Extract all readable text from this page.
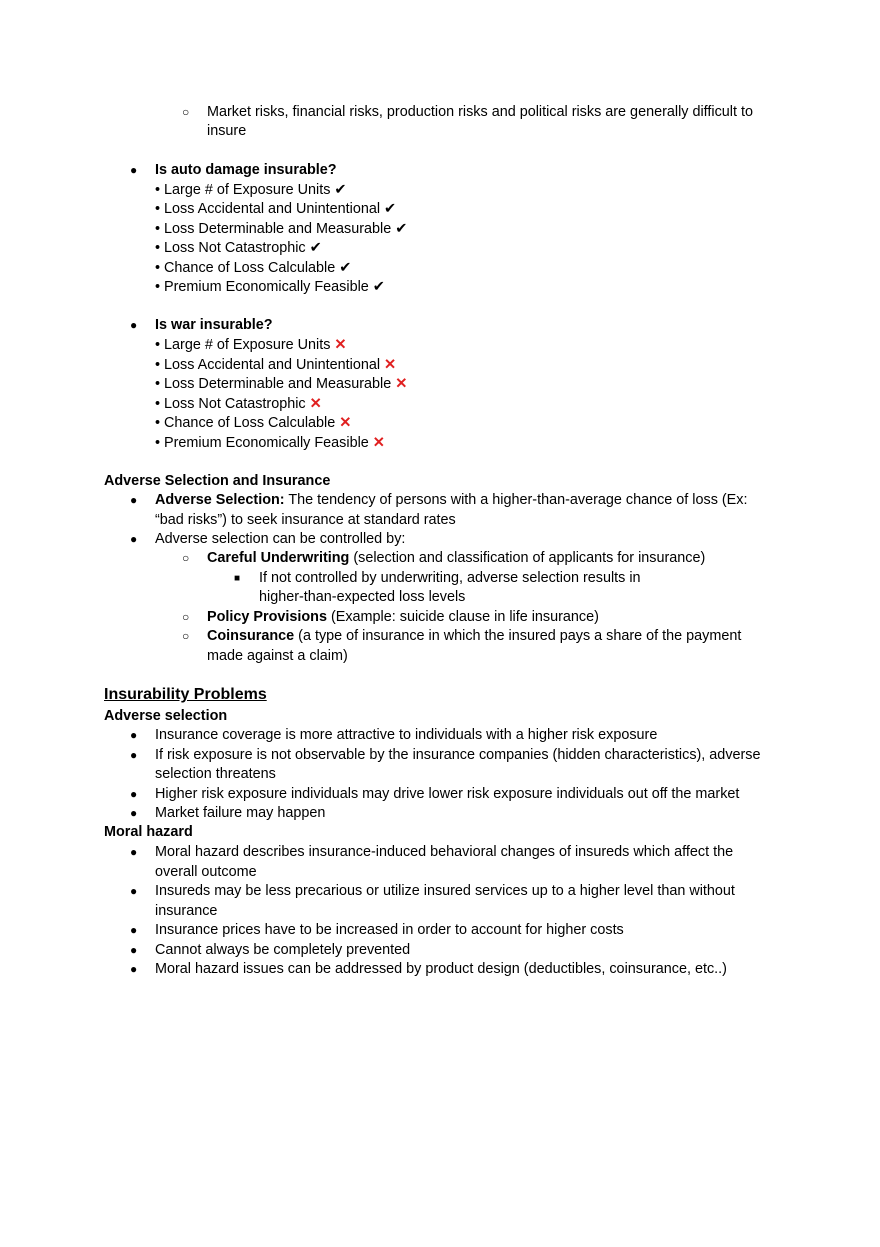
○ Market risks, financial risks, production risks and political risks are generally difficult to
insure
● Is auto damage insurable?
• Large # of Exposure Units ✔
• Loss Accidental and Unintentional ✔
• Loss Determinable and Measurable ✔
• Loss Not Catastrophic ✔
• Chance of Loss Calculable ✔
• Premium Economically Feasible ✔
● Is war insurable?
• Large # of Exposure Units ✕
• Loss Accidental and Unintentional ✕
• Loss Determinable and Measurable ✕
• Loss Not Catastrophic ✕
• Chance of Loss Calculable ✕
• Premium Economically Feasible ✕
Adverse Selection and Insurance
● Adverse Selection: The tendency of persons with a higher-than-average chance of loss (Ex:
“bad risks”) to seek insurance at standard rates
● Adverse selection can be controlled by:
○ Careful Underwriting (selection and classification of applicants for insurance)
■ If not controlled by underwriting, adverse selection results in
higher-than-expected loss levels
○ Policy Provisions (Example: suicide clause in life insurance)
○ Coinsurance (a type of insurance in which the insured pays a share of the payment
made against a claim)
Insurability Problems
Adverse selection
● Insurance coverage is more attractive to individuals with a higher risk exposure
● If risk exposure is not observable by the insurance companies (hidden characteristics), adverse
selection threatens
● Higher risk exposure individuals may drive lower risk exposure individuals out off the market
● Market failure may happen
Moral hazard
● Moral hazard describes insurance-induced behavioral changes of insureds which affect the
overall outcome
● Insureds may be less precarious or utilize insured services up to a higher level than without
insurance
● Insurance prices have to be increased in order to account for higher costs
● Cannot always be completely prevented
● Moral hazard issues can be addressed by product design (deductibles, coinsurance, etc..)
